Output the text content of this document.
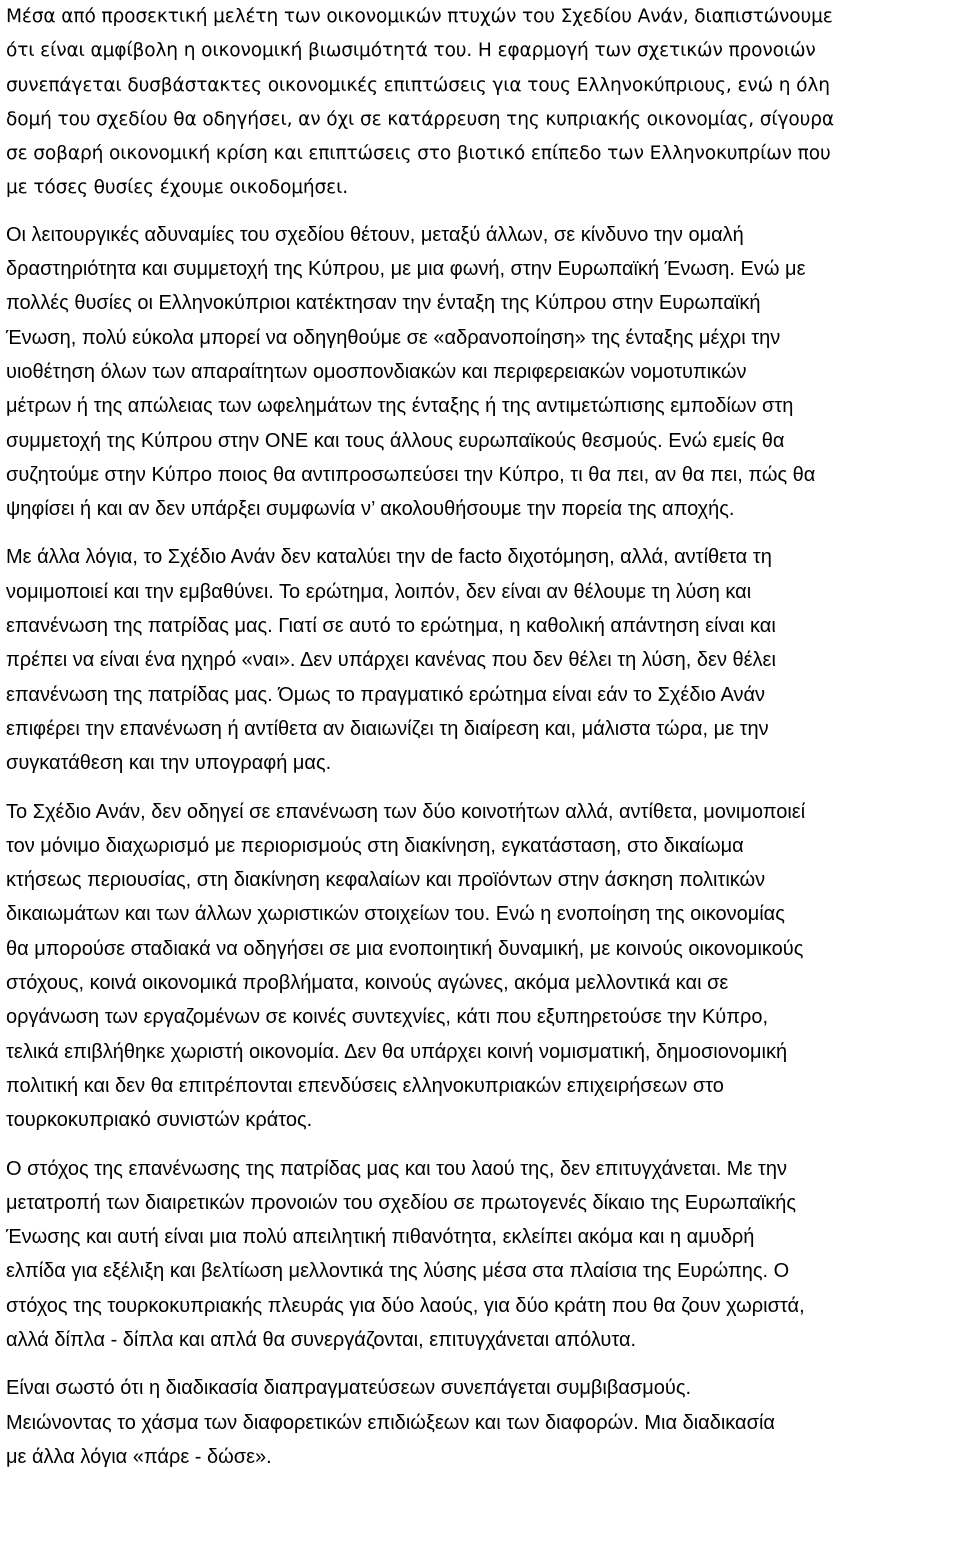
Μέσα από προσεκτική μελέτη των οικονομικών πτυχών του Σχεδίου Ανάν, διαπιστώνουμε
ότι είναι αμφίβολη η οικονομική βιωσιμότητά του. Η εφαρμογή των σχετικών προνοιών
συνεπάγεται δυσβάστακτες οικονομικές επιπτώσεις για τους Ελληνοκύπριους, ενώ η όλη
δομή του σχεδίου θα οδηγήσει, αν όχι σε κατάρρευση της κυπριακής οικονομίας, σίγουρα
σε σοβαρή οικονομική κρίση και επιπτώσεις στο βιοτικό επίπεδο των Ελληνοκυπρίων που
με τόσες θυσίες έχουμε οικοδομήσει.
Οι λειτουργικές αδυναμίες του σχεδίου θέτουν, μεταξύ άλλων, σε κίνδυνο την ομαλή
δραστηριότητα και συμμετοχή της Κύπρου, με μια φωνή, στην Ευρωπαϊκή Ένωση. Ενώ με
πολλές θυσίες οι Ελληνοκύπριοι κατέκτησαν την ένταξη της Κύπρου στην Ευρωπαϊκή
Ένωση, πολύ εύκολα μπορεί να οδηγηθούμε σε «αδρανοποίηση» της ένταξης μέχρι την
υιοθέτηση όλων των απαραίτητων ομοσπονδιακών και περιφερειακών νομοτυπικών
μέτρων ή της απώλειας των ωφελημάτων της ένταξης ή της αντιμετώπισης εμποδίων στη
συμμετοχή της Κύπρου στην ΟΝΕ και τους άλλους ευρωπαϊκούς θεσμούς. Ενώ εμείς θα
συζητούμε στην Κύπρο ποιος θα αντιπροσωπεύσει την Κύπρο, τι θα πει, αν θα πει, πώς θα
ψηφίσει ή και αν δεν υπάρξει συμφωνία ν’ ακολουθήσουμε την πορεία της αποχής.
Με άλλα λόγια, το Σχέδιο Ανάν δεν καταλύει την de facto διχοτόμηση, αλλά, αντίθετα τη
νομιμοποιεί και την εμβαθύνει. Το ερώτημα, λοιπόν, δεν είναι αν θέλουμε τη λύση και
επανένωση της πατρίδας μας. Γιατί σε αυτό το ερώτημα, η καθολική απάντηση είναι και
πρέπει να είναι ένα ηχηρό «ναι». Δεν υπάρχει κανένας που δεν θέλει τη λύση, δεν θέλει
επανένωση της πατρίδας μας. Όμως το πραγματικό ερώτημα είναι εάν το Σχέδιο Ανάν
επιφέρει την επανένωση ή αντίθετα αν διαιωνίζει τη διαίρεση και, μάλιστα τώρα, με την
συγκατάθεση και την υπογραφή μας.
Το Σχέδιο Ανάν, δεν οδηγεί σε επανένωση των δύο κοινοτήτων αλλά, αντίθετα, μονιμοποιεί
τον μόνιμο διαχωρισμό με περιορισμούς στη διακίνηση, εγκατάσταση, στο δικαίωμα
κτήσεως περιουσίας, στη διακίνηση κεφαλαίων και προϊόντων στην άσκηση πολιτικών
δικαιωμάτων και των άλλων χωριστικών στοιχείων του. Ενώ η ενοποίηση της οικονομίας
θα μπορούσε σταδιακά να οδηγήσει σε μια ενοποιητική δυναμική, με κοινούς οικονομικούς
στόχους, κοινά οικονομικά προβλήματα, κοινούς αγώνες, ακόμα μελλοντικά και σε
οργάνωση των εργαζομένων σε κοινές συντεχνίες, κάτι που εξυπηρετούσε την Κύπρο,
τελικά επιβλήθηκε χωριστή οικονομία. Δεν θα υπάρχει κοινή νομισματική, δημοσιονομική
πολιτική και δεν θα επιτρέπονται επενδύσεις ελληνοκυπριακών επιχειρήσεων στο
τουρκοκυπριακό συνιστών κράτος.
Ο στόχος της επανένωσης της πατρίδας μας και του λαού της, δεν επιτυγχάνεται. Με την
μετατροπή των διαιρετικών προνοιών του σχεδίου σε πρωτογενές δίκαιο της Ευρωπαϊκής
Ένωσης και αυτή είναι μια πολύ απειλητική πιθανότητα, εκλείπει ακόμα και η αμυδρή
ελπίδα για εξέλιξη και βελτίωση μελλοντικά της λύσης μέσα στα πλαίσια της Ευρώπης. Ο
στόχος της τουρκοκυπριακής πλευράς για δύο λαούς, για δύο κράτη που θα ζουν χωριστά,
αλλά δίπλα - δίπλα και απλά θα συνεργάζονται, επιτυγχάνεται απόλυτα.
Είναι σωστό ότι η διαδικασία διαπραγματεύσεων συνεπάγεται συμβιβασμούς.
Μειώνοντας το χάσμα των διαφορετικών επιδιώξεων και των διαφορών. Μια διαδικασία
με άλλα λόγια «πάρε - δώσε».
